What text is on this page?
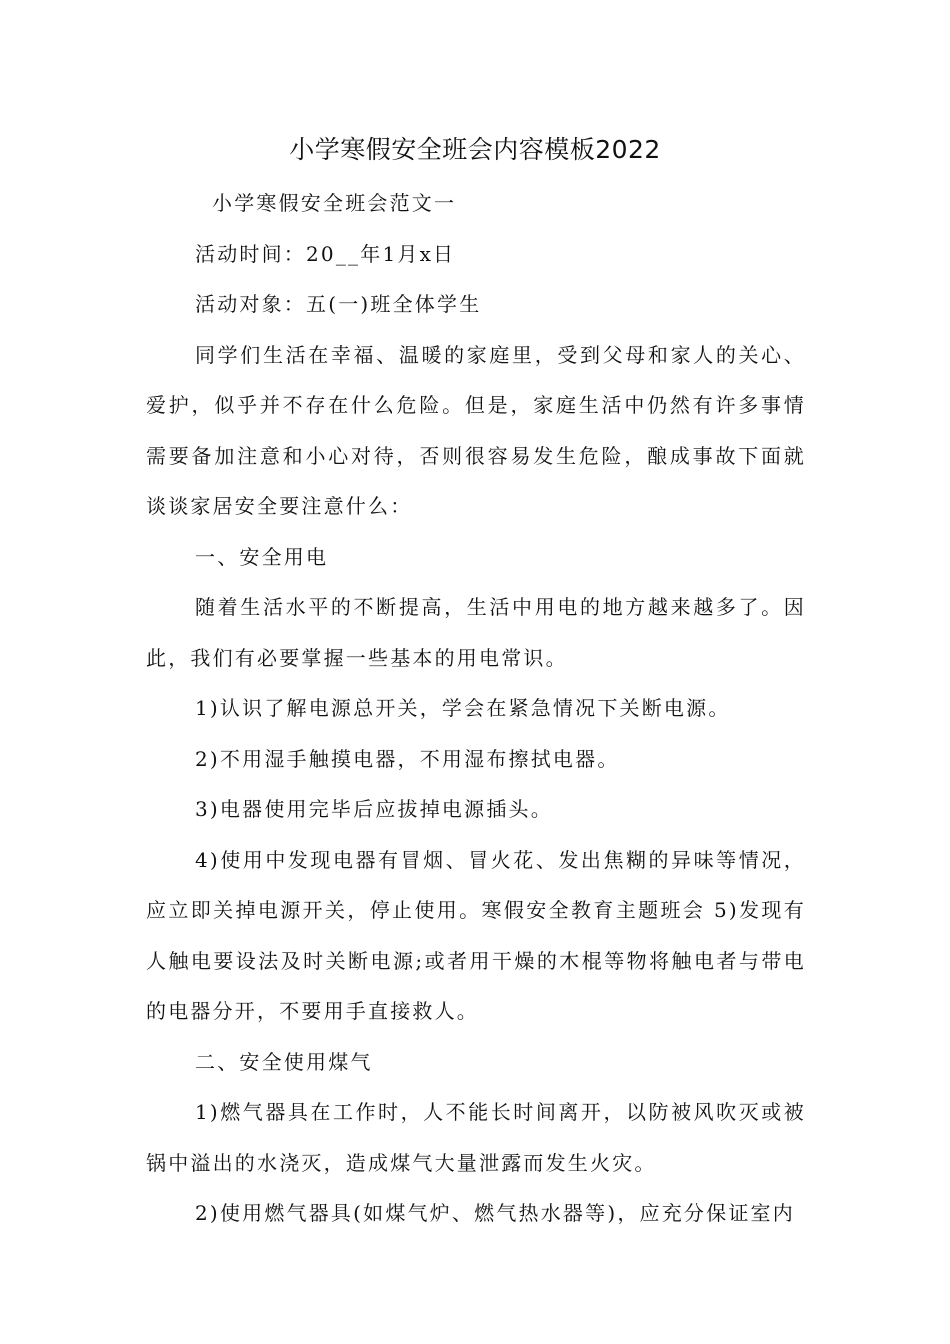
小学寒假安全班会内容模板2022

小学寒假安全班会范文一

活动时间：20__年1月x日

活动对象：五(一)班全体学生

同学们生活在幸福、温暖的家庭里，受到父母和家人的关心、爱护，似乎并不存在什么危险。但是，家庭生活中仍然有许多事情需要备加注意和小心对待，否则很容易发生危险，酿成事故下面就谈谈家居安全要注意什么：

一、安全用电

随着生活水平的不断提高，生活中用电的地方越来越多了。因此，我们有必要掌握一些基本的用电常识。

1)认识了解电源总开关，学会在紧急情况下关断电源。

2)不用湿手触摸电器，不用湿布擦拭电器。

3)电器使用完毕后应拔掉电源插头。

4)使用中发现电器有冒烟、冒火花、发出焦糊的异味等情况，应立即关掉电源开关，停止使用。寒假安全教育主题班会 5)发现有人触电要设法及时关断电源;或者用干燥的木棍等物将触电者与带电的电器分开，不要用手直接救人。

二、安全使用煤气

1)燃气器具在工作时，人不能长时间离开，以防被风吹灭或被锅中溢出的水浇灭，造成煤气大量泄露而发生火灾。

2)使用燃气器具(如煤气炉、燃气热水器等)，应充分保证室内
